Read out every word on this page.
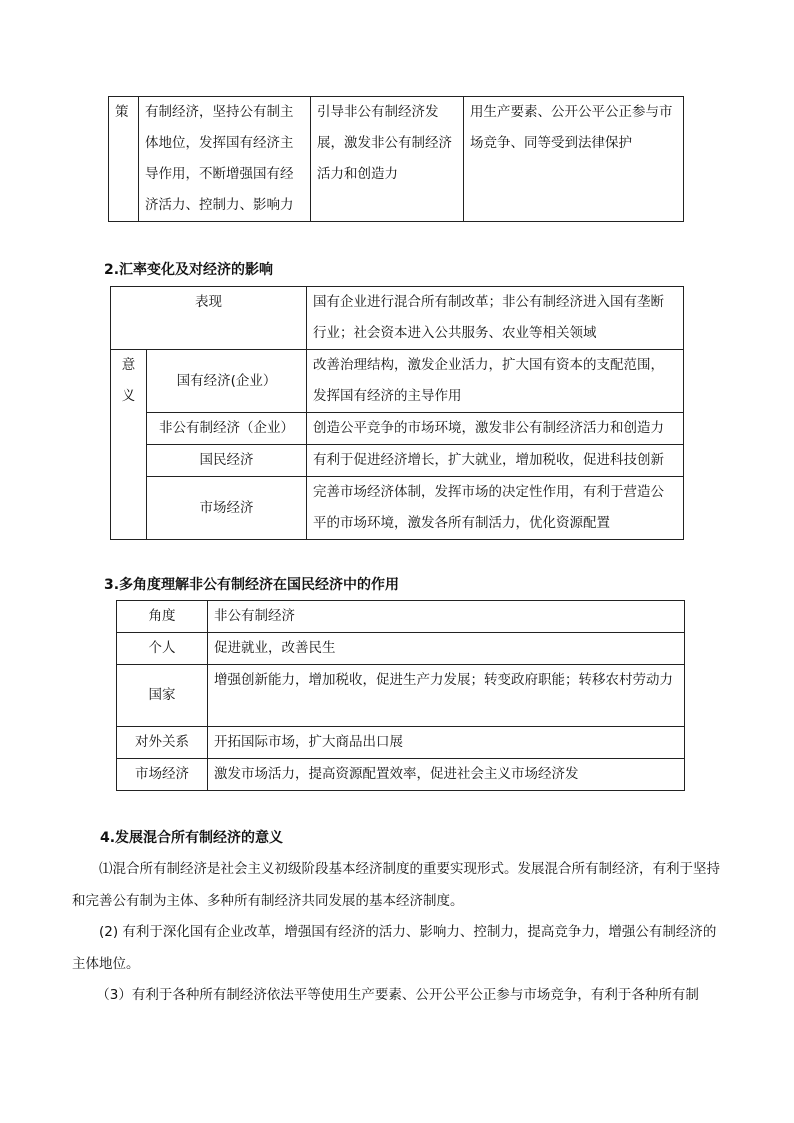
策	有制经济，坚持公有制主体地位，发挥国有经济主导作用，不断增强国有经济活力、控制力、影响力	引导非公有制经济发展，激发非公有制经济活力和创造力	用生产要素、公开公平公正参与市场竞争、同等受到法律保护
2.汇率变化及对经济的影响
表现		国有企业进行混合所有制改革；非公有制经济进入国有垄断行业；社会资本进入公共服务、农业等相关领域

意义	国有经济(企业）	改善治理结构，激发企业活力，扩大国有资本的支配范围，发挥国有经济的主导作用
	非公有制经济（企业）	创造公平竞争的市场环境，激发非公有制经济活力和创造力
	国民经济	有利于促进经济增长，扩大就业，增加税收，促进科技创新
	市场经济	完善市场经济体制，发挥市场的决定性作用，有利于营造公平的市场环境，激发各所有制活力，优化资源配置
3.多角度理解非公有制经济在国民经济中的作用
角度	非公有制经济
个人	促进就业，改善民生
国家	增强创新能力，增加税收，促进生产力发展；转变政府职能；转移农村劳动力
对外关系	开拓国际市场，扩大商品出口展
市场经济	激发市场活力，提高资源配置效率，促进社会主义市场经济发
4.发展混合所有制经济的意义
⑴混合所有制经济是社会主义初级阶段基本经济制度的重要实现形式。发展混合所有制经济，有利于坚持和完善公有制为主体、多种所有制经济共同发展的基本经济制度。
(2) 有利于深化国有企业改革，增强国有经济的活力、影响力、控制力，提高竞争力，增强公有制经济的主体地位。
（3）有利于各种所有制经济依法平等使用生产要素、公开公平公正参与市场竞争，有利于各种所有制
